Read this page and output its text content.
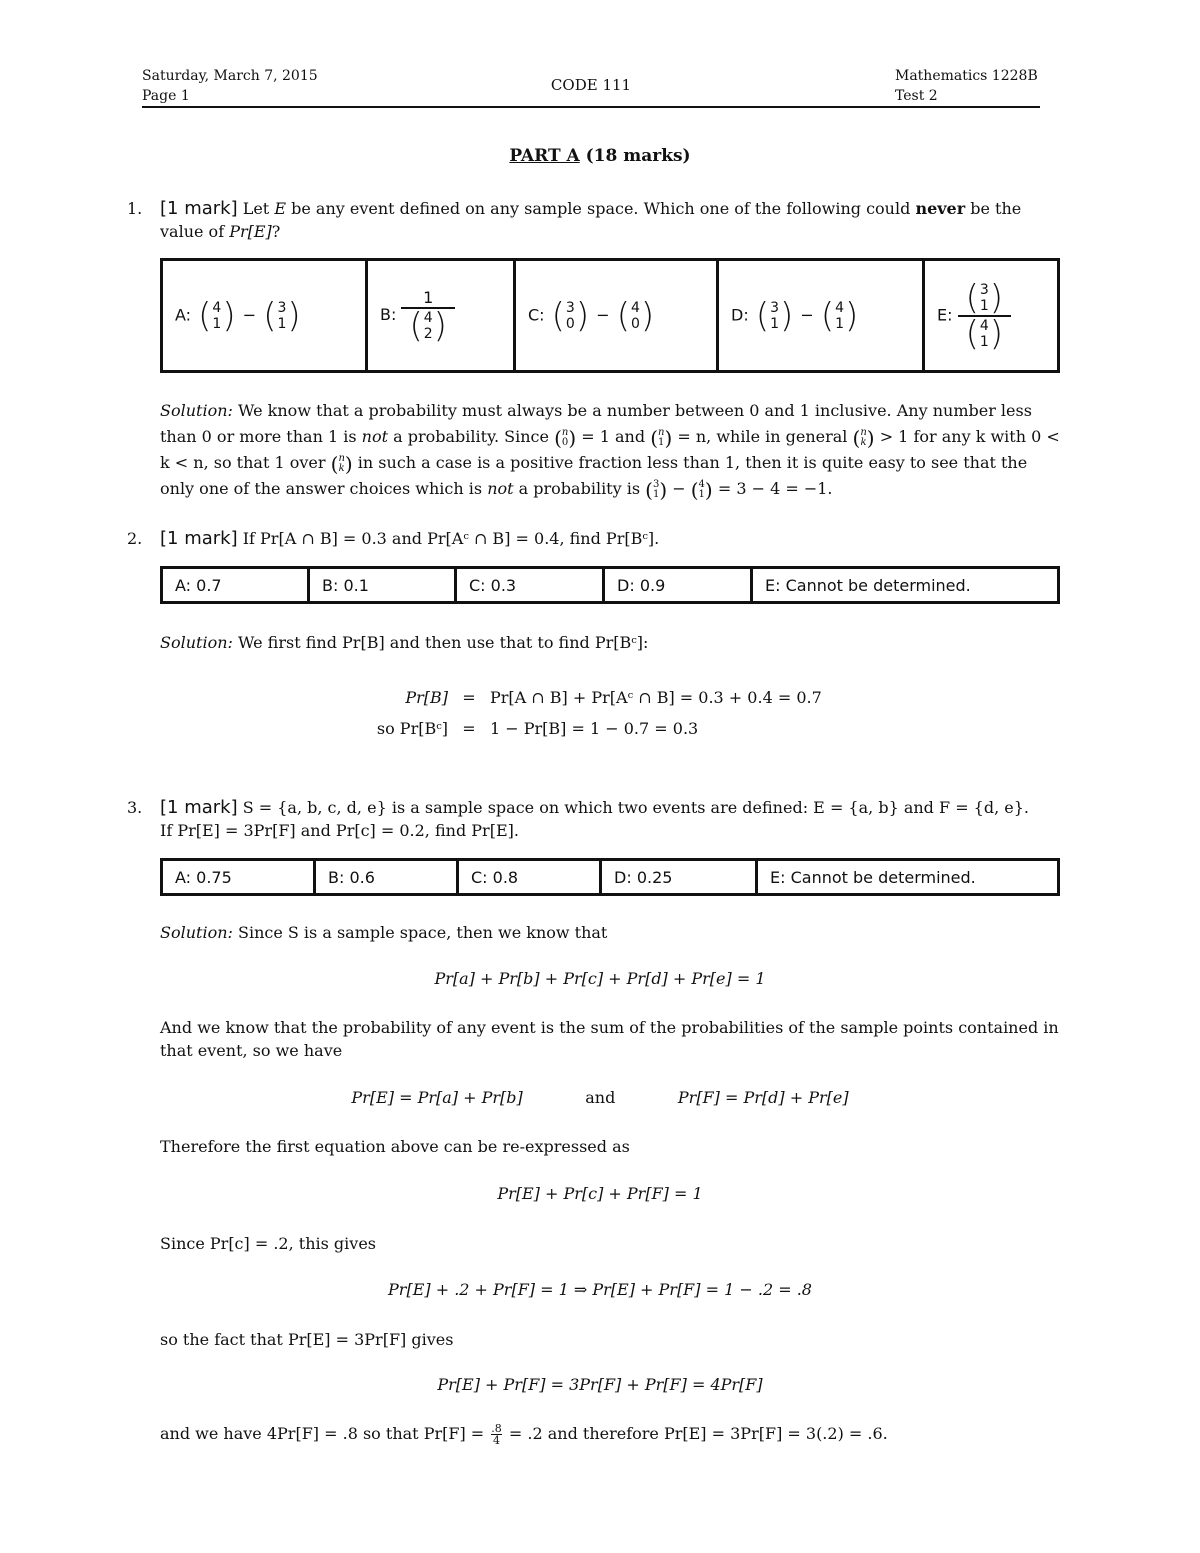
Saturday, March 7, 2015
Page 1
CODE 111	Mathematics 1228B
Test 2
PART A (18 marks)
1. [1 mark] Let E be any event defined on any sample space. Which one of the following could never be the value of Pr[E]?
A: ( 4
1 ) − ( 3
1 )	B: 1
( 4
2 )	C: ( 3
0 ) − ( 4
0 )	D: ( 3
1 ) − ( 4
1 )	E: ( 3
1 )
( 4
1 )
Solution: We know that a probability must always be a number between 0 and 1 inclusive. Any number less than 0 or more than 1 is not a probability. Since ( n
0 ) = 1 and ( n
1 ) = n, while in general ( n
k ) > 1 for any k with 0 < k < n, so that 1 over ( n
k ) in such a case is a positive fraction less than 1, then it is quite easy to see that the only one of the answer choices which is not a probability is ( 3
1 ) − ( 4
1 ) = 3 − 4 = −1.
2. [1 mark] If Pr[A ∩ B] = 0.3 and Pr[Aᶜ ∩ B] = 0.4, find Pr[Bᶜ].
A: 0.7	B: 0.1	C: 0.3	D: 0.9	E: Cannot be determined.
Solution: We first find Pr[B] and then use that to find Pr[Bᶜ]:
Pr[B] = Pr[A ∩ B] + Pr[Aᶜ ∩ B] = 0.3 + 0.4 = 0.7
so Pr[Bᶜ] = 1 − Pr[B] = 1 − 0.7 = 0.3
3. [1 mark] S = {a, b, c, d, e} is a sample space on which two events are defined: E = {a, b} and F = {d, e}.
If Pr[E] = 3Pr[F] and Pr[c] = 0.2, find Pr[E].
A: 0.75	B: 0.6	C: 0.8	D: 0.25	E: Cannot be determined.
Solution: Since S is a sample space, then we know that
Pr[a] + Pr[b] + Pr[c] + Pr[d] + Pr[e] = 1
And we know that the probability of any event is the sum of the probabilities of the sample points contained in that event, so we have
Pr[E] = Pr[a] + Pr[b]	and	Pr[F] = Pr[d] + Pr[e]
Therefore the first equation above can be re-expressed as
Pr[E] + Pr[c] + Pr[F] = 1
Since Pr[c] = .2, this gives
Pr[E] + .2 + Pr[F] = 1 ⇒ Pr[E] + Pr[F] = 1 − .2 = .8
so the fact that Pr[E] = 3Pr[F] gives
Pr[E] + Pr[F] = 3Pr[F] + Pr[F] = 4Pr[F]
and we have 4Pr[F] = .8 so that $Pr[F] = \frac{.8}{4} = .2$ and therefore Pr[E] = 3Pr[F] = 3(.2) = .6.
